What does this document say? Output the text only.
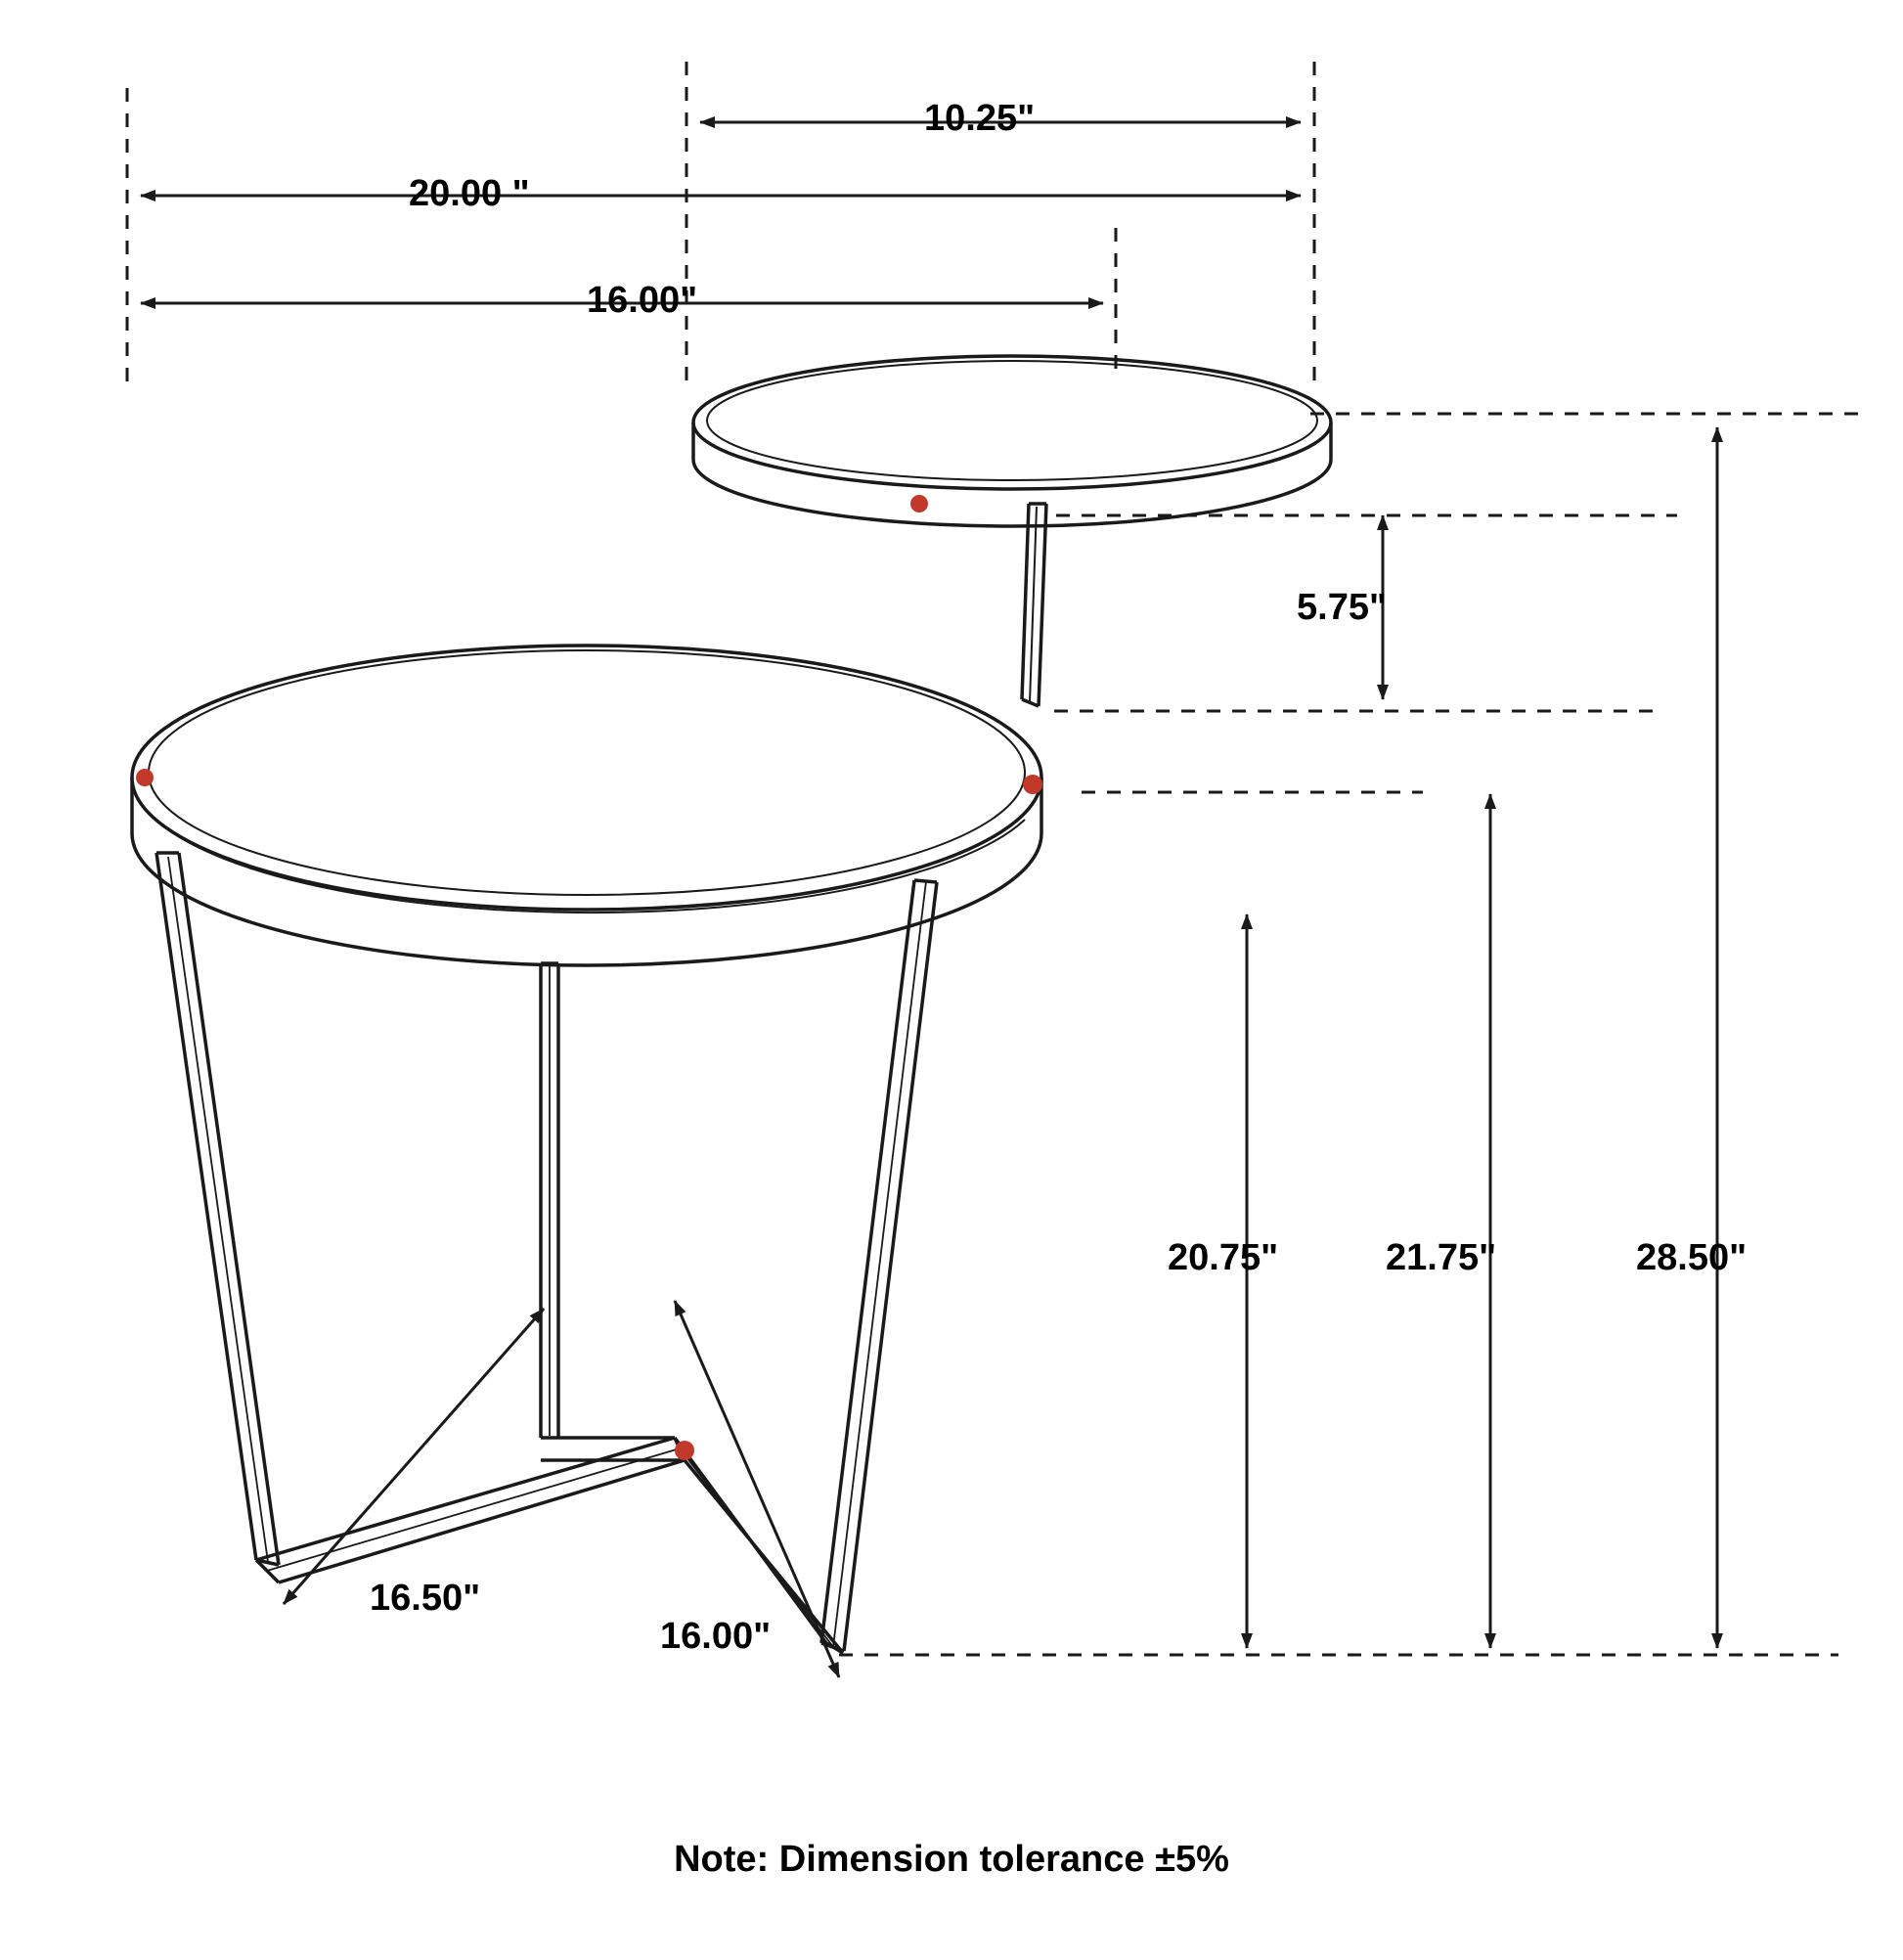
10.25"
20.00 "
16.00"
5.75"
20.75"	21.75"	28.50"
16.50"
16.00"
Note: Dimension tolerance ±5%
